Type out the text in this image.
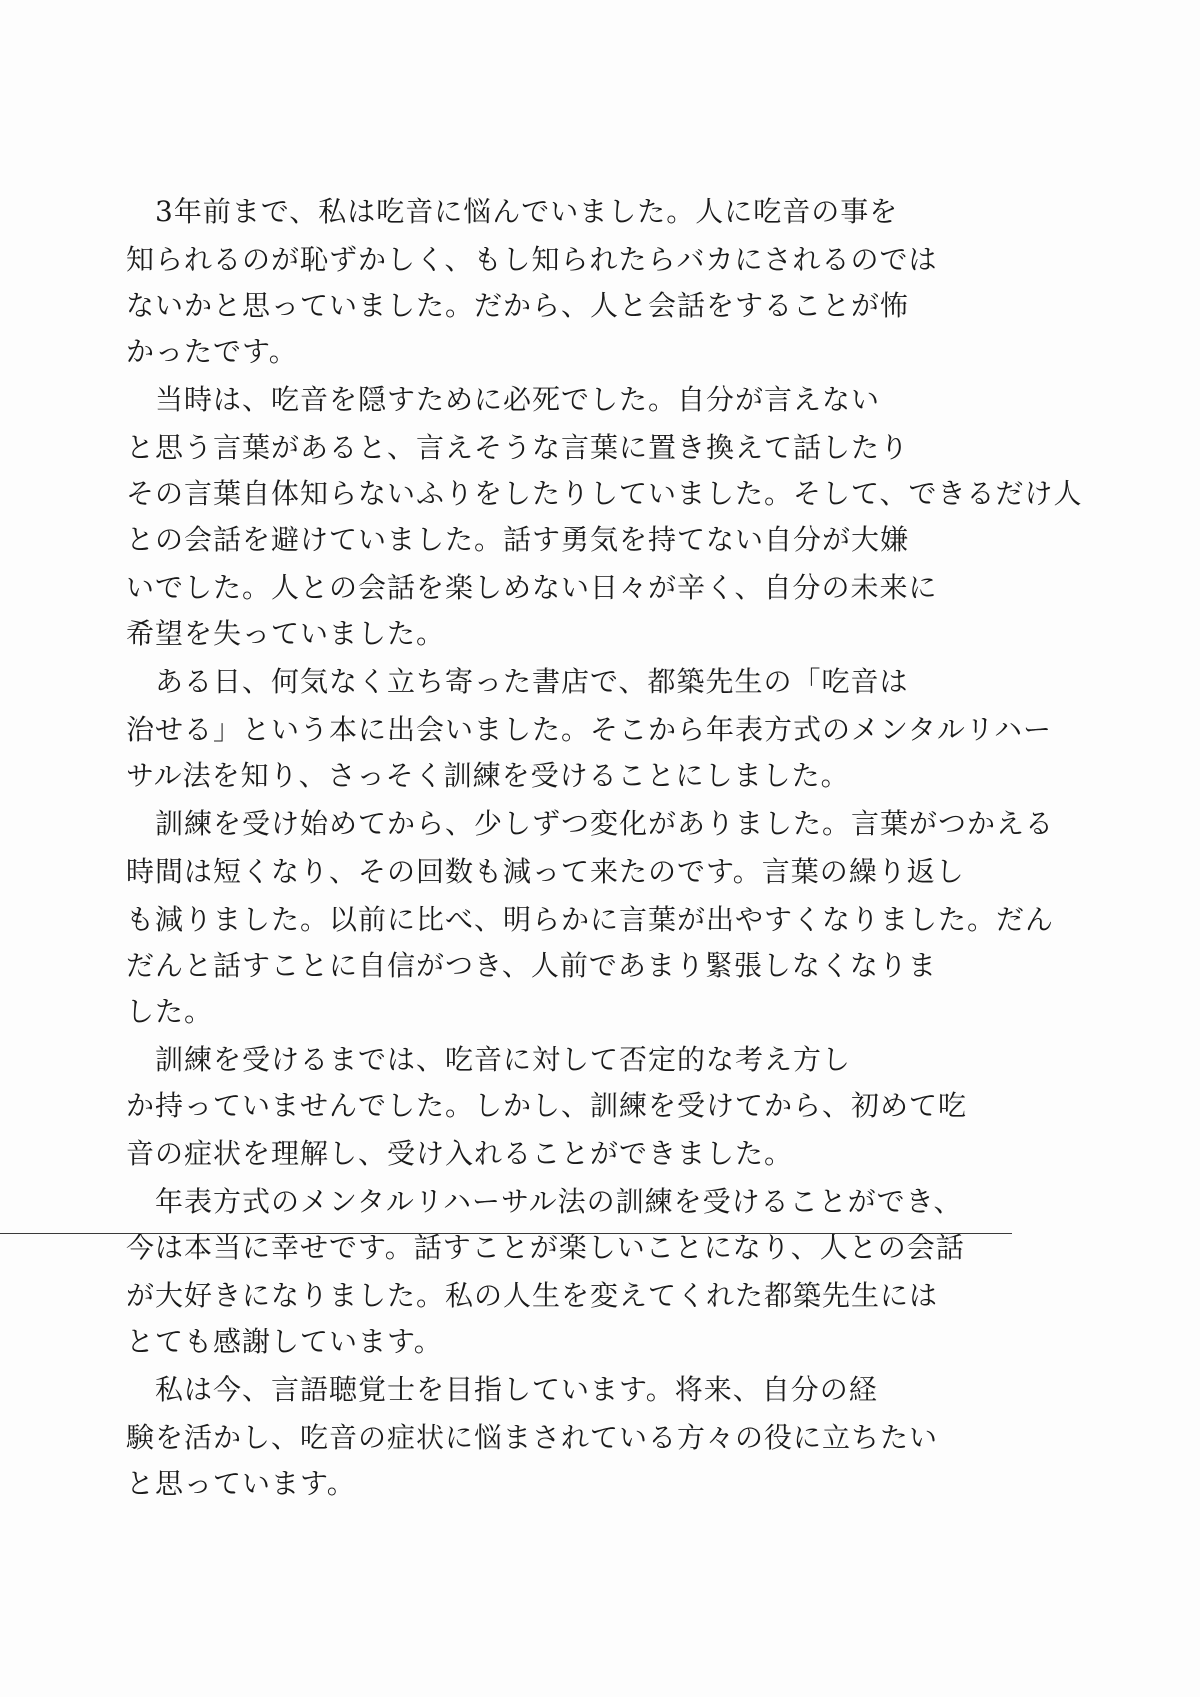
　3年前まで、私は吃音に悩んでいました。人に吃音の事を
知られるのが恥ずかしく、もし知られたらバカにされるのでは
ないかと思っていました。だから、人と会話をすることが怖
かったです。
　当時は、吃音を隠すために必死でした。自分が言えない
と思う言葉があると、言えそうな言葉に置き換えて話したり
その言葉自体知らないふりをしたりしていました。そして、できるだけ人
との会話を避けていました。話す勇気を持てない自分が大嫌
いでした。人との会話を楽しめない日々が辛く、自分の未来に
希望を失っていました。
　ある日、何気なく立ち寄った書店で、都築先生の「吃音は
治せる」という本に出会いました。そこから年表方式のメンタルリハー
サル法を知り、さっそく訓練を受けることにしました。
　訓練を受け始めてから、少しずつ変化がありました。言葉がつかえる
時間は短くなり、その回数も減って来たのです。言葉の繰り返し
も減りました。以前に比べ、明らかに言葉が出やすくなりました。だん
だんと話すことに自信がつき、人前であまり緊張しなくなりま
した。
　訓練を受けるまでは、吃音に対して否定的な考え方し
か持っていませんでした。しかし、訓練を受けてから、初めて吃
音の症状を理解し、受け入れることができました。
　年表方式のメンタルリハーサル法の訓練を受けることができ、
今は本当に幸せです。話すことが楽しいことになり、人との会話
が大好きになりました。私の人生を変えてくれた都築先生には
とても感謝しています。
　私は今、言語聴覚士を目指しています。将来、自分の経
験を活かし、吃音の症状に悩まされている方々の役に立ちたい
と思っています。
